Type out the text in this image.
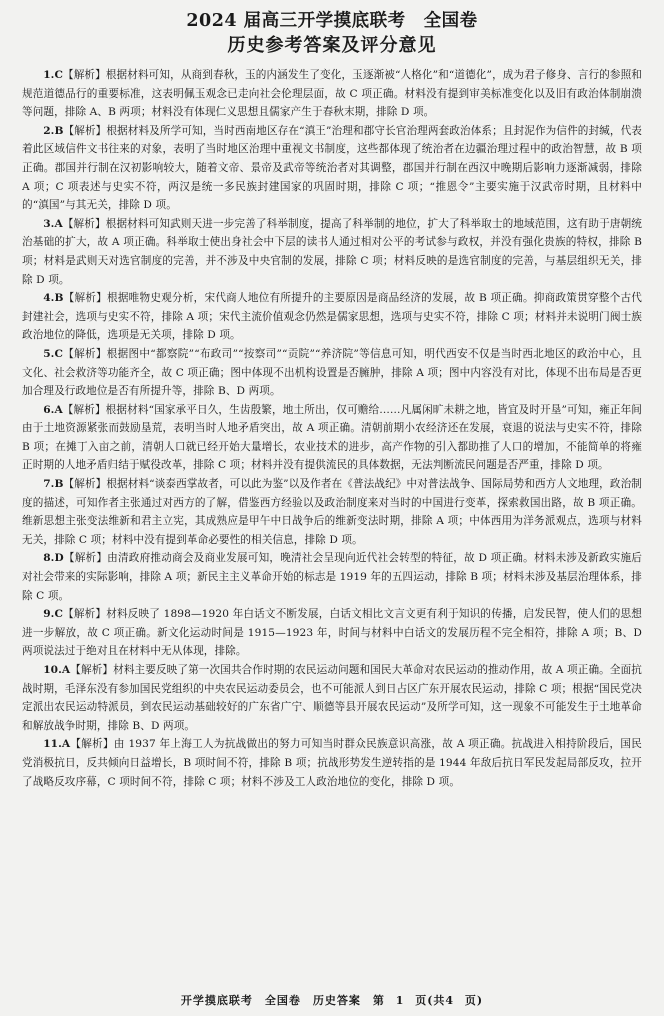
2024 届高三开学摸底联考　全国卷
历史参考答案及评分意见

1.C【解析】根据材料可知，从商到春秋，玉的内涵发生了变化，玉逐渐被“人格化”和“道德化”，成为君子修身、言行的参照和规范道德品行的重要标准，这表明佩玉观念已走向社会伦理层面，故 C 项正确。材料没有提到审美标准变化以及旧有政治体制崩溃等问题，排除 A、B 两项；材料没有体现仁义思想且儒家产生于春秋末期，排除 D 项。

2.B【解析】根据材料及所学可知，当时西南地区存在“滇王”治理和郡守长官治理两套政治体系；且封泥作为信件的封缄，代表着此区域信件文书往来的对象，表明了当时地区治理中重视文书制度，这些都体现了统治者在边疆治理过程中的政治智慧，故 B 项正确。郡国并行制在汉初影响较大，随着文帝、景帝及武帝等统治者对其调整，郡国并行制在西汉中晚期后影响力逐渐减弱，排除 A 项；C 项表述与史实不符，两汉是统一多民族封建国家的巩固时期，排除 C 项；“推恩令”主要实施于汉武帝时期，且材料中的“滇国”与其无关，排除 D 项。

3.A【解析】根据材料可知武则天进一步完善了科举制度，提高了科举制的地位，扩大了科举取士的地域范围，这有助于唐朝统治基础的扩大，故 A 项正确。科举取士使出身社会中下层的读书人通过相对公平的考试参与政权，并没有强化贵族的特权，排除 B 项；材料是武则天对选官制度的完善，并不涉及中央官制的发展，排除 C 项；材料反映的是选官制度的完善，与基层组织无关，排除 D 项。

4.B【解析】根据唯物史观分析，宋代商人地位有所提升的主要原因是商品经济的发展，故 B 项正确。抑商政策贯穿整个古代封建社会，选项与史实不符，排除 A 项；宋代主流价值观念仍然是儒家思想，选项与史实不符，排除 C 项；材料并未说明门阀士族政治地位的降低，选项是无关项，排除 D 项。

5.C【解析】根据图中“都察院”“布政司”“按察司”“贡院”“养济院”等信息可知，明代西安不仅是当时西北地区的政治中心，且文化、社会救济等功能齐全，故 C 项正确；图中体现不出机构设置是否臃肿，排除 A 项；图中内容没有对比，体现不出布局是否更加合理及行政地位是否有所提升等，排除 B、D 两项。

6.A【解析】根据材料“国家承平日久，生齿殷繁，地土所出，仅可赡给……凡属闲旷未耕之地，皆宜及时开垦”可知，雍正年间由于土地资源紧张而鼓励垦荒，表明当时人地矛盾突出，故 A 项正确。清朝前期小农经济还在发展，衰退的说法与史实不符，排除 B 项；在摊丁入亩之前，清朝人口就已经开始大量增长，农业技术的进步，高产作物的引入都助推了人口的增加，不能简单的将雍正时期的人地矛盾归结于赋役改革，排除 C 项；材料并没有提供流民的具体数据，无法判断流民问题是否严重，排除 D 项。

7.B【解析】根据材料“谈泰西掌故者，可以此为鉴”以及作者在《普法战纪》中对普法战争、国际局势和西方人文地理，政治制度的描述，可知作者主张通过对西方的了解，借鉴西方经验以及政治制度来对当时的中国进行变革，探索救国出路，故 B 项正确。维新思想主张变法维新和君主立宪，其成熟应是甲午中日战争后的维新变法时期，排除 A 项；中体西用为洋务派观点，选项与材料无关，排除 C 项；材料中没有提到革命必要性的相关信息，排除 D 项。

8.D【解析】由清政府推动商会及商业发展可知，晚清社会呈现向近代社会转型的特征，故 D 项正确。材料未涉及新政实施后对社会带来的实际影响，排除 A 项；新民主主义革命开始的标志是 1919 年的五四运动，排除 B 项；材料未涉及基层治理体系，排除 C 项。

9.C【解析】材料反映了 1898—1920 年白话文不断发展，白话文相比文言文更有利于知识的传播，启发民智，使人们的思想进一步解放，故 C 项正确。新文化运动时间是 1915—1923 年，时间与材料中白话文的发展历程不完全相符，排除 A 项；B、D 两项说法过于绝对且在材料中无从体现，排除。

10.A【解析】材料主要反映了第一次国共合作时期的农民运动问题和国民大革命对农民运动的推动作用，故 A 项正确。全面抗战时期，毛泽东没有参加国民党组织的中央农民运动委员会，也不可能派人到日占区广东开展农民运动，排除 C 项；根据“国民党决定派出农民运动特派员，到农民运动基础较好的广东省广宁、顺德等县开展农民运动”及所学可知，这一现象不可能发生于土地革命和解放战争时期，排除 B、D 两项。

11.A【解析】由 1937 年上海工人为抗战做出的努力可知当时群众民族意识高涨，故 A 项正确。抗战进入相持阶段后，国民党消极抗日，反共倾向日益增长，B 项时间不符，排除 B 项；抗战形势发生逆转指的是 1944 年敌后抗日军民发起局部反攻，拉开了战略反攻序幕，C 项时间不符，排除 C 项；材料不涉及工人政治地位的变化，排除 D 项。

开学摸底联考　全国卷　历史答案　第 1 页(共4 页)
